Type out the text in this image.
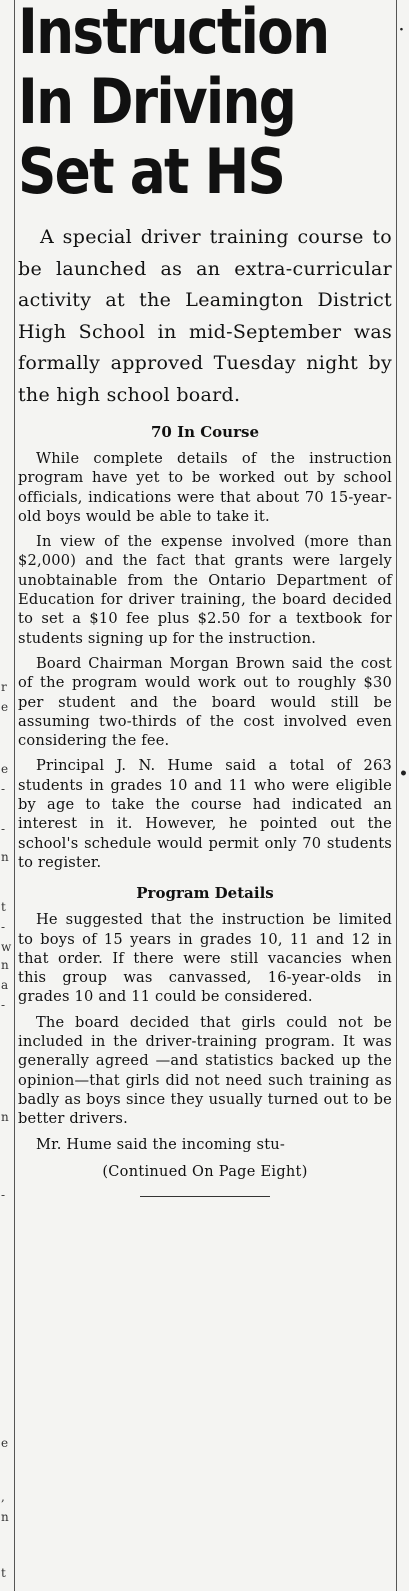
r
e
e
-
-
n
t
-
w
n
a
-
n
-
e
,
n
t
·
•
Instruction
In Driving
Set at HS

A special driver training course to be launched as an extra-curricular activity at the Leamington District High School in mid-September was formally approved Tuesday night by the high school board.

70 In Course

While complete details of the instruction program have yet to be worked out by school officials, indications were that about 70 15-year-old boys would be able to take it.

In view of the expense involved (more than $2,000) and the fact that grants were largely unobtainable from the Ontario Department of Education for driver training, the board decided to set a $10 fee plus $2.50 for a textbook for students signing up for the instruction.

Board Chairman Morgan Brown said the cost of the program would work out to roughly $30 per student and the board would still be assuming two-thirds of the cost involved even considering the fee.

Principal J. N. Hume said a total of 263 students in grades 10 and 11 who were eligible by age to take the course had indicated an interest in it. However, he pointed out the school's schedule would permit only 70 students to register.

Program Details

He suggested that the instruction be limited to boys of 15 years in grades 10, 11 and 12 in that order. If there were still vacancies when this group was canvassed, 16-year-olds in grades 10 and 11 could be considered.

The board decided that girls could not be included in the driver-training program. It was generally agreed —and statistics backed up the opinion—that girls did not need such training as badly as boys since they usually turned out to be better drivers.

Mr. Hume said the incoming stu-

(Continued On Page Eight)
